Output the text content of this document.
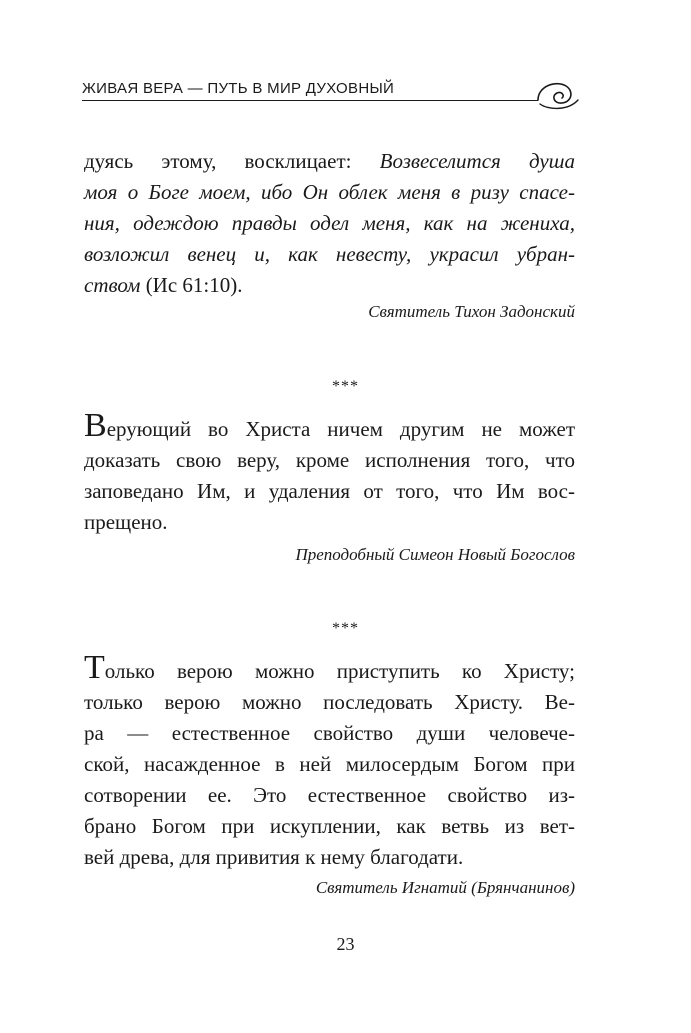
ЖИВАЯ ВЕРА — ПУТЬ В МИР ДУХОВНЫЙ
дуясь этому, восклицает: Возвеселится душа
моя о Боге моем, ибо Он облек меня в ризу спасе-
ния, одеждою правды одел меня, как на жениха,
возложил венец и, как невесту, украсил убран-
ством (Ис 61:10).
Святитель Тихон Задонский
***
Верующий во Христа ничем другим не может
доказать свою веру, кроме исполнения того, что
заповедано Им, и удаления от того, что Им вос-
прещено.
Преподобный Симеон Новый Богослов
***
Только верою можно приступить ко Христу;
только верою можно последовать Христу. Ве-
ра — естественное свойство души человече-
ской, насажденное в ней милосердым Богом при
сотворении ее. Это естественное свойство из-
брано Богом при искуплении, как ветвь из вет-
вей древа, для привития к нему благодати.
Святитель Игнатий (Брянчанинов)
23
